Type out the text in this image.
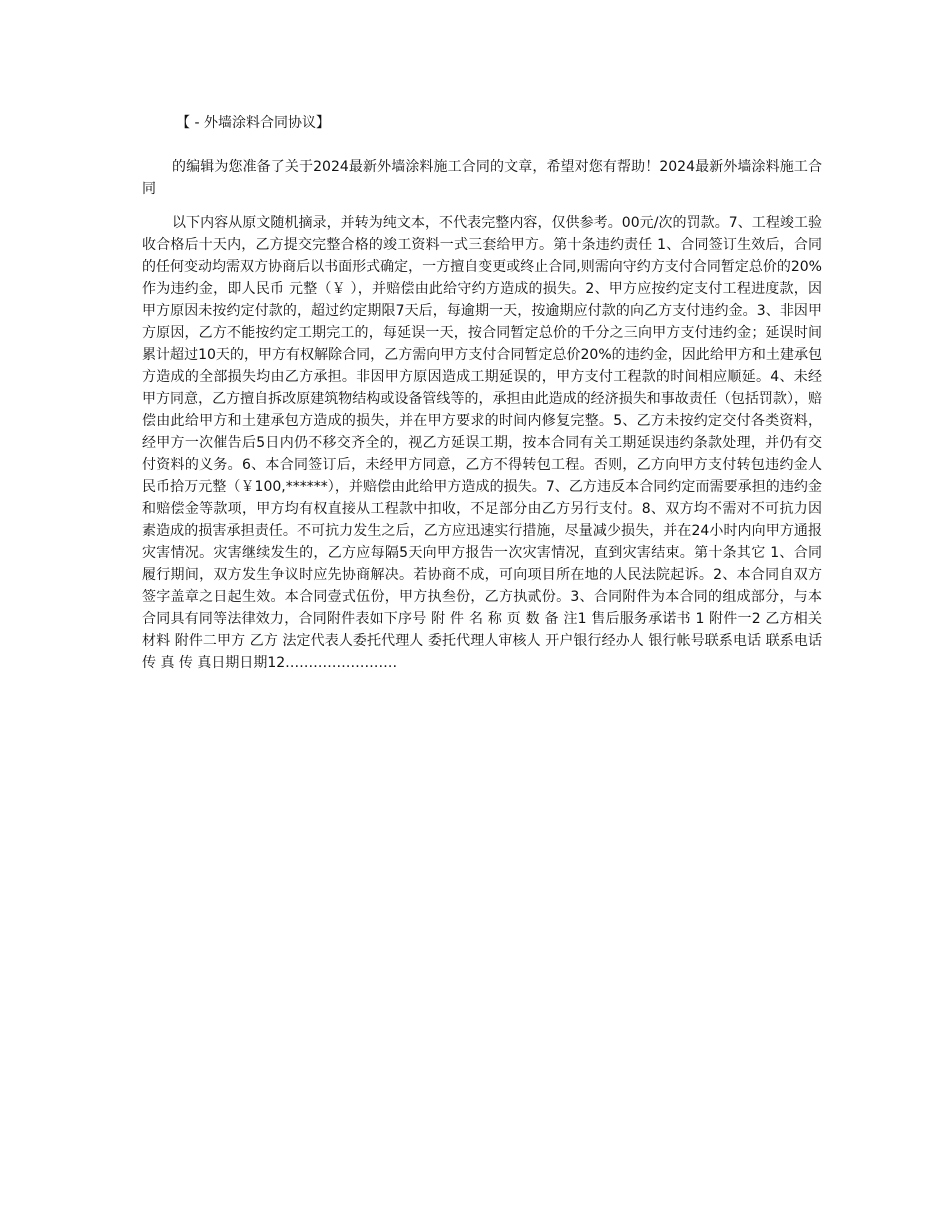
【 - 外墙涂料合同协议】

的编辑为您准备了关于2024最新外墙涂料施工合同的文章，希望对您有帮助！2024最新外墙涂料施工合同

以下内容从原文随机摘录，并转为纯文本，不代表完整内容，仅供参考。00元/次的罚款。7、工程竣工验收合格后十天内，乙方提交完整合格的竣工资料一式三套给甲方。第十条违约责任 1、合同签订生效后，合同的任何变动均需双方协商后以书面形式确定，一方擅自变更或终止合同,则需向守约方支付合同暂定总价的20%作为违约金，即人民币 元整（￥ ），并赔偿由此给守约方造成的损失。2、甲方应按约定支付工程进度款，因甲方原因未按约定付款的，超过约定期限7天后，每逾期一天，按逾期应付款的向乙方支付违约金。3、非因甲方原因，乙方不能按约定工期完工的，每延误一天，按合同暂定总价的千分之三向甲方支付违约金；延误时间累计超过10天的，甲方有权解除合同，乙方需向甲方支付合同暂定总价20%的违约金，因此给甲方和土建承包方造成的全部损失均由乙方承担。非因甲方原因造成工期延误的，甲方支付工程款的时间相应顺延。4、未经甲方同意，乙方擅自拆改原建筑物结构或设备管线等的，承担由此造成的经济损失和事故责任（包括罚款），赔偿由此给甲方和土建承包方造成的损失，并在甲方要求的时间内修复完整。5、乙方未按约定交付各类资料，经甲方一次催告后5日内仍不移交齐全的，视乙方延误工期，按本合同有关工期延误违约条款处理，并仍有交付资料的义务。6、本合同签订后，未经甲方同意，乙方不得转包工程。否则，乙方向甲方支付转包违约金人民币拾万元整（￥100,******），并赔偿由此给甲方造成的损失。7、乙方违反本合同约定而需要承担的违约金和赔偿金等款项，甲方均有权直接从工程款中扣收，不足部分由乙方另行支付。8、双方均不需对不可抗力因素造成的损害承担责任。不可抗力发生之后，乙方应迅速实行措施，尽量减少损失，并在24小时内向甲方通报灾害情况。灾害继续发生的，乙方应每隔5天向甲方报告一次灾害情况，直到灾害结束。第十条其它 1、合同履行期间，双方发生争议时应先协商解决。若协商不成，可向项目所在地的人民法院起诉。2、本合同自双方签字盖章之日起生效。本合同壹式伍份，甲方执叁份，乙方执贰份。3、合同附件为本合同的组成部分，与本合同具有同等法律效力，合同附件表如下序号 附 件 名 称 页 数 备 注1 售后服务承诺书 1 附件一2 乙方相关材料 附件二甲方 乙方 法定代表人委托代理人 委托代理人审核人 开户银行经办人 银行帐号联系电话 联系电话传 真 传 真日期日期12……………………
